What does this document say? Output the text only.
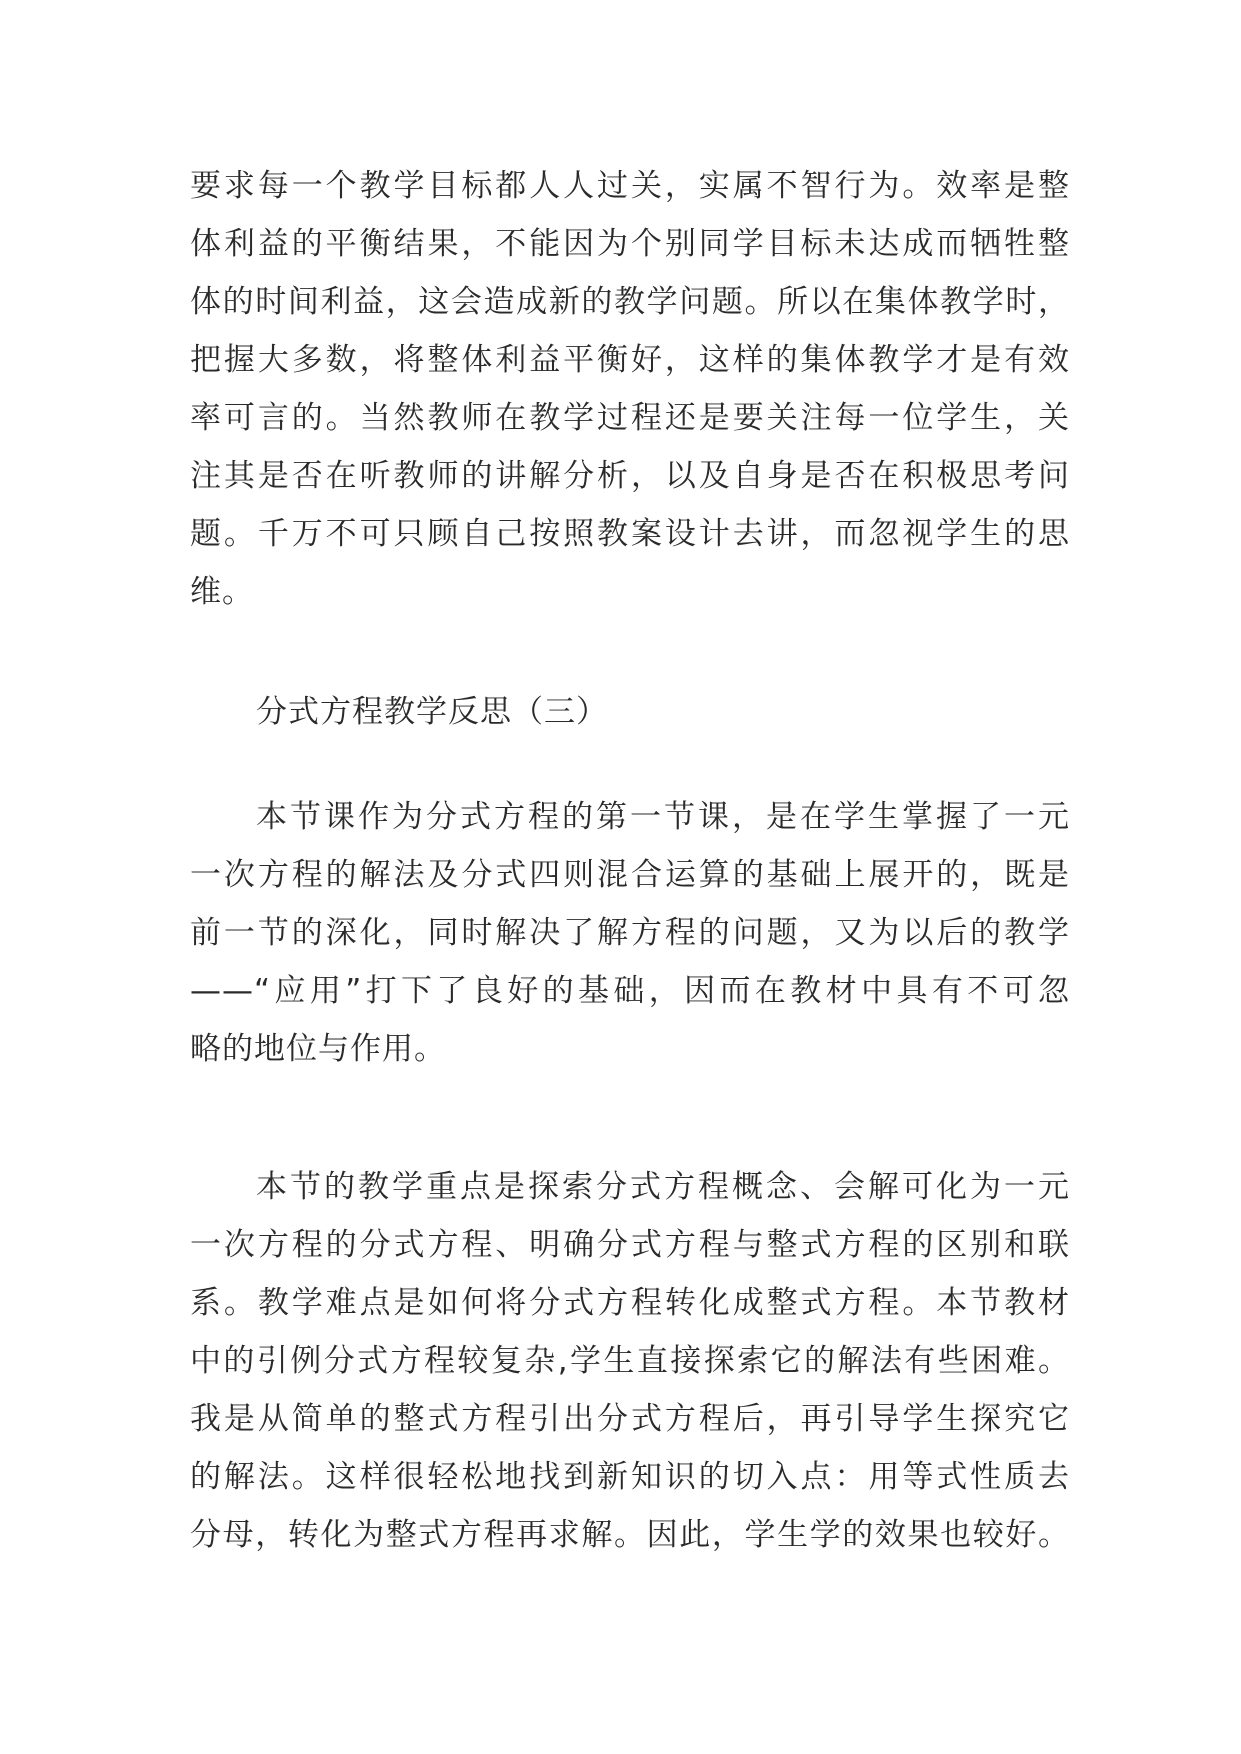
要求每一个教学目标都人人过关，实属不智行为。效率是整
体利益的平衡结果，不能因为个别同学目标未达成而牺牲整
体的时间利益，这会造成新的教学问题。所以在集体教学时，
把握大多数，将整体利益平衡好，这样的集体教学才是有效
率可言的。当然教师在教学过程还是要关注每一位学生，关
注其是否在听教师的讲解分析，以及自身是否在积极思考问
题。千万不可只顾自己按照教案设计去讲，而忽视学生的思
维。
分式方程教学反思（三）
本节课作为分式方程的第一节课，是在学生掌握了一元
一次方程的解法及分式四则混合运算的基础上展开的，既是
前一节的深化，同时解决了解方程的问题，又为以后的教学
——“应用”打下了良好的基础，因而在教材中具有不可忽
略的地位与作用。
本节的教学重点是探索分式方程概念、会解可化为一元
一次方程的分式方程、明确分式方程与整式方程的区别和联
系。教学难点是如何将分式方程转化成整式方程。本节教材
中的引例分式方程较复杂,学生直接探索它的解法有些困难。
我是从简单的整式方程引出分式方程后，再引导学生探究它
的解法。这样很轻松地找到新知识的切入点：用等式性质去
分母，转化为整式方程再求解。因此，学生学的效果也较好。
